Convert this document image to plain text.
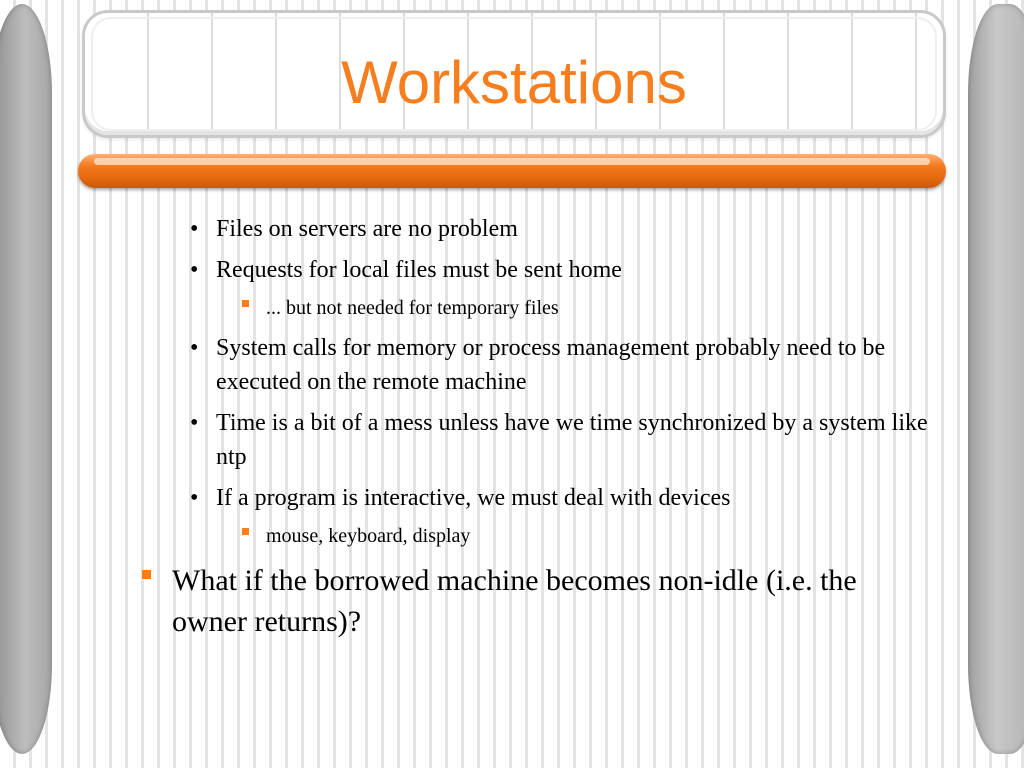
Workstations

• Files on servers are no problem

• Requests for local files must be sent home

... but not needed for temporary files

• System calls for memory or process management probably need to be executed on the remote machine

• Time is a bit of a mess unless have we time synchronized by a system like ntp

• If a program is interactive, we must deal with devices

mouse, keyboard, display

What if the borrowed machine becomes non-idle (i.e. the owner returns)?
